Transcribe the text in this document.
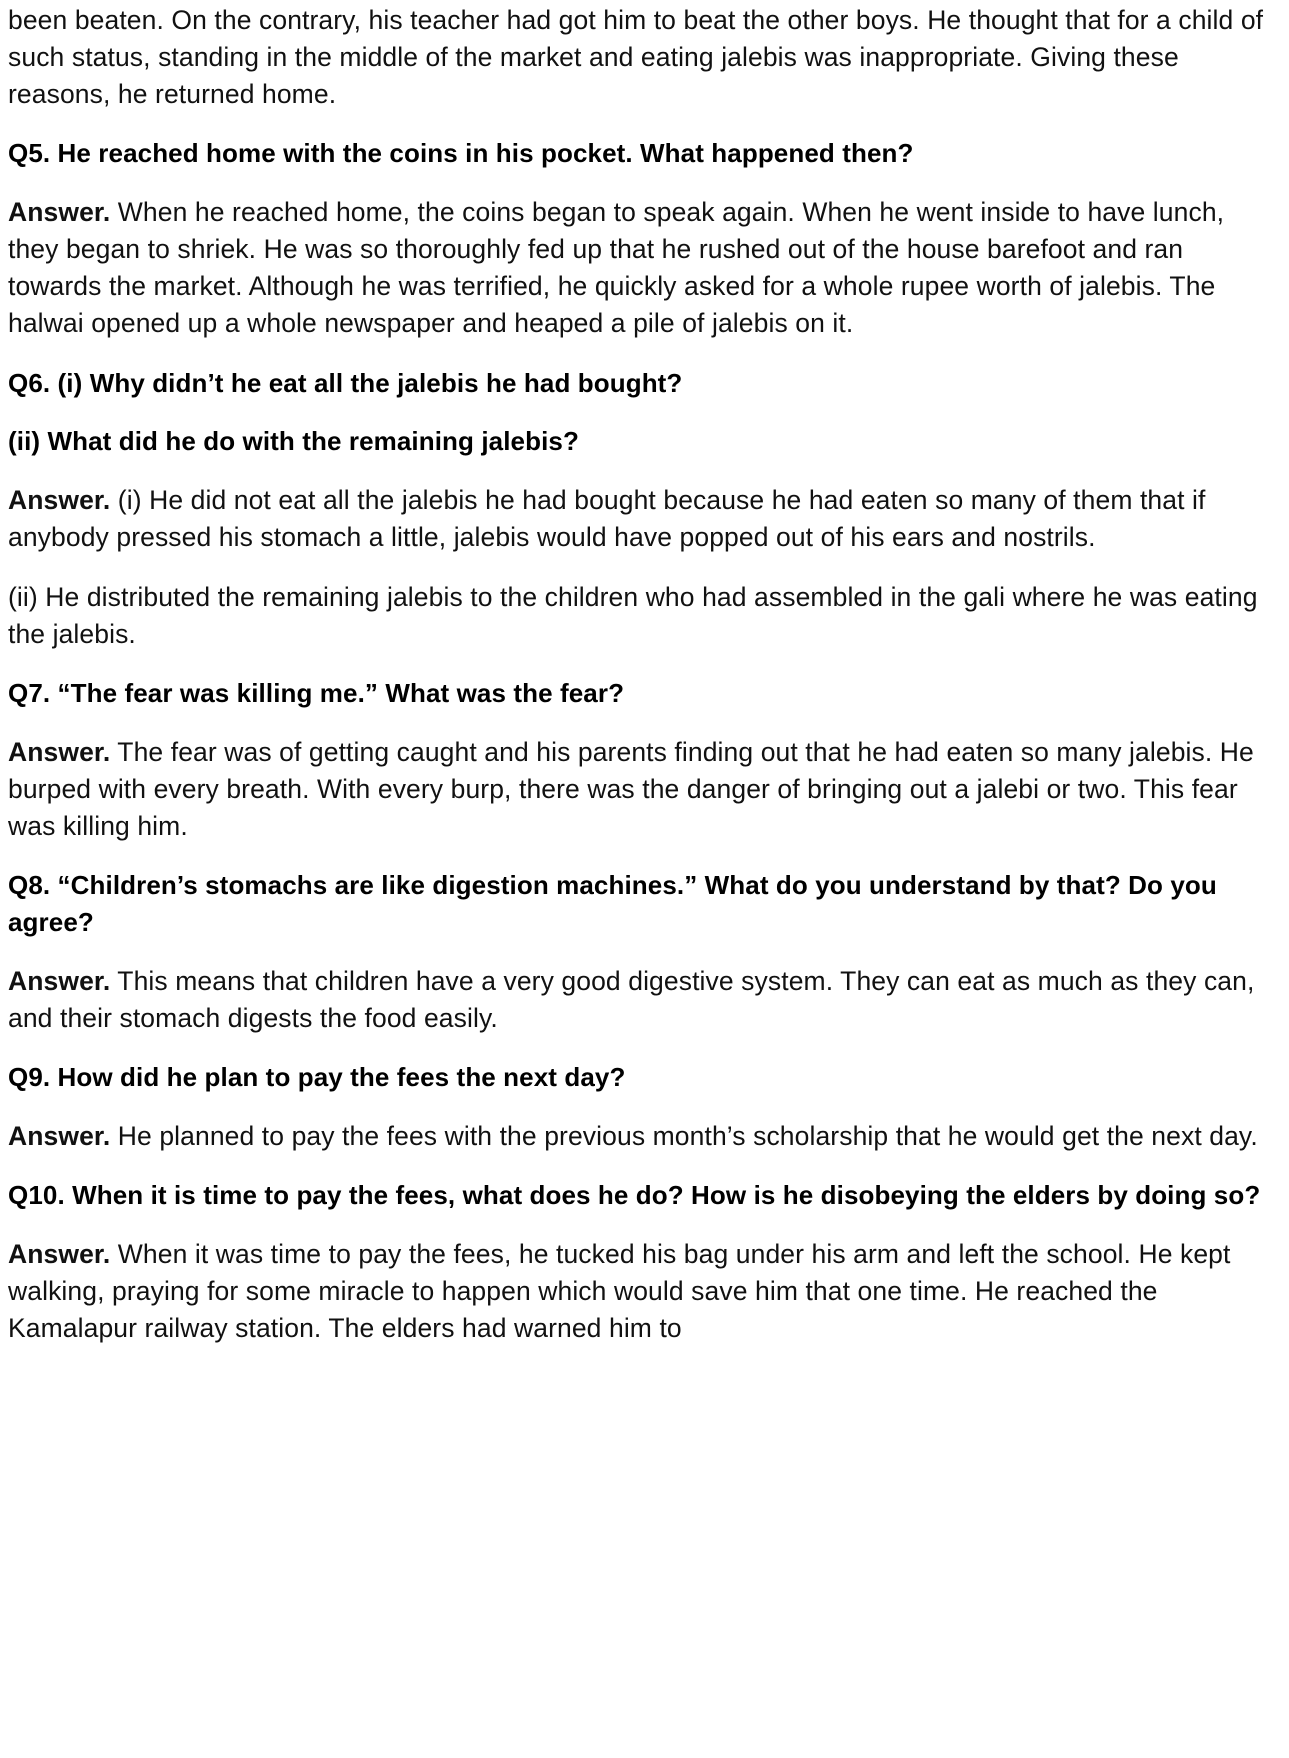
been beaten. On the contrary, his teacher had got him to beat the other boys. He thought that for a child of such status, standing in the middle of the market and eating jalebis was inappropriate. Giving these reasons, he returned home.

Q5. He reached home with the coins in his pocket. What happened then?

Answer. When he reached home, the coins began to speak again. When he went inside to have lunch, they began to shriek. He was so thoroughly fed up that he rushed out of the house barefoot and ran towards the market. Although he was terrified, he quickly asked for a whole rupee worth of jalebis. The halwai opened up a whole newspaper and heaped a pile of jalebis on it.

Q6. (i) Why didn’t he eat all the jalebis he had bought?

(ii) What did he do with the remaining jalebis?

Answer. (i) He did not eat all the jalebis he had bought because he had eaten so many of them that if anybody pressed his stomach a little, jalebis would have popped out of his ears and nostrils.

(ii) He distributed the remaining jalebis to the children who had assembled in the gali where he was eating the jalebis.

Q7. “The fear was killing me.” What was the fear?

Answer. The fear was of getting caught and his parents finding out that he had eaten so many jalebis. He burped with every breath. With every burp, there was the danger of bringing out a jalebi or two. This fear was killing him.

Q8. “Children’s stomachs are like digestion machines.” What do you understand by that? Do you agree?

Answer. This means that children have a very good digestive system. They can eat as much as they can, and their stomach digests the food easily.

Q9. How did he plan to pay the fees the next day?

Answer. He planned to pay the fees with the previous month’s scholarship that he would get the next day.

Q10. When it is time to pay the fees, what does he do? How is he disobeying the elders by doing so?

Answer. When it was time to pay the fees, he tucked his bag under his arm and left the school. He kept walking, praying for some miracle to happen which would save him that one time. He reached the Kamalapur railway station. The elders had warned him to
